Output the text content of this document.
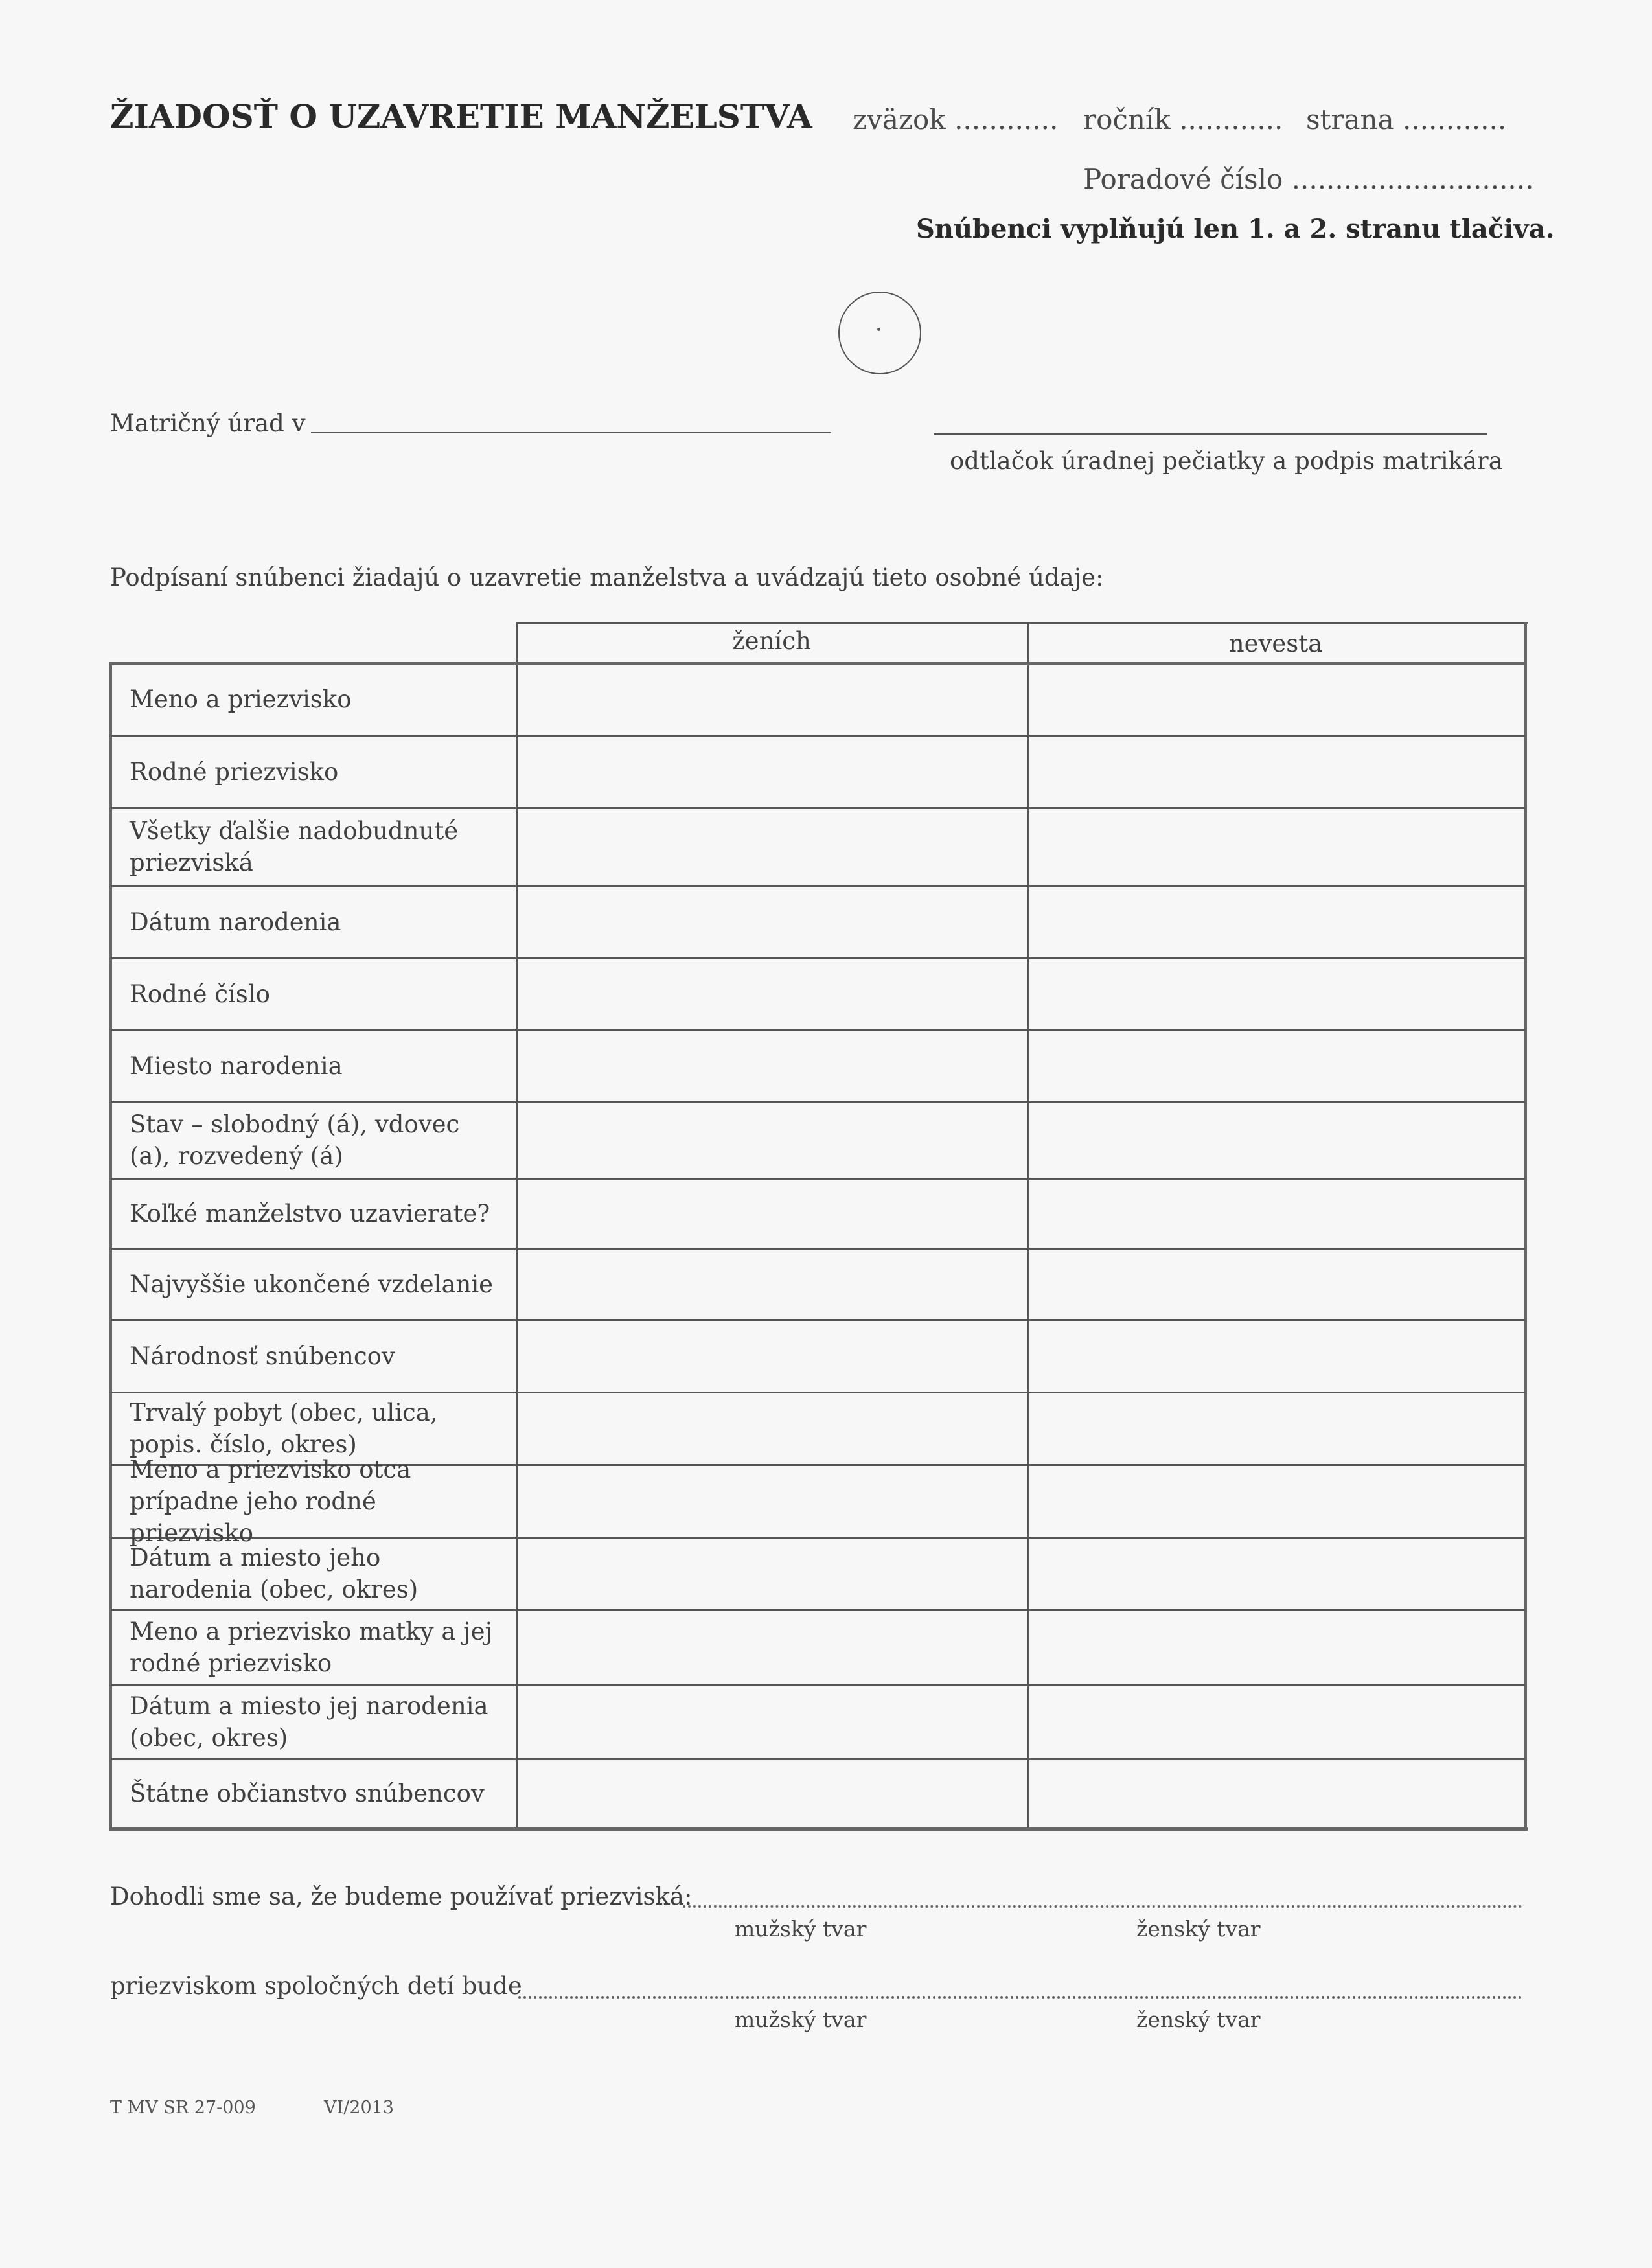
ŽIADOSŤ O UZAVRETIE MANŽELSTVA zväzok ............ ročník ............ strana ............
Poradové číslo ............................
Snúbenci vyplňujú len 1. a 2. stranu tlačiva.
Matričný úrad v
odtlačok úradnej pečiatky a podpis matrikára
Podpísaní snúbenci žiadajú o uzavretie manželstva a uvádzajú tieto osobné údaje:
ženích	nevesta
Meno a priezvisko
Rodné priezvisko
Všetky ďalšie nadobudnuté priezviská
Dátum narodenia
Rodné číslo
Miesto narodenia
Stav – slobodný (á), vdovec (a), rozvedený (á)
Koľké manželstvo uzavierate?
Najvyššie ukončené vzdelanie
Národnosť snúbencov
Trvalý pobyt (obec, ulica, popis. číslo, okres)
Meno a priezvisko otca prípadne jeho rodné priezvisko
Dátum a miesto jeho narodenia (obec, okres)
Meno a priezvisko matky a jej rodné priezvisko
Dátum a miesto jej narodenia (obec, okres)
Štátne občianstvo snúbencov
Dohodli sme sa, že budeme používať priezviská:
mužský tvar	ženský tvar
priezviskom spoločných detí bude
mužský tvar	ženský tvar
T MV SR 27-009	VI/2013
